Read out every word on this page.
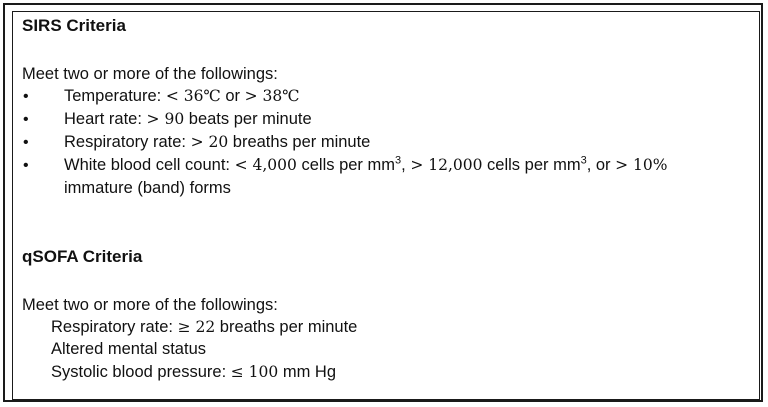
SIRS Criteria
Meet two or more of the followings:
• Temperature: < 36℃ or > 38℃
• Heart rate: > 90 beats per minute
• Respiratory rate: > 20 breaths per minute
• White blood cell count: < 4,000 cells per $mm^3$, > 12,000 cells per $mm^3$, or > 10%
immature (band) forms
qSOFA Criteria
Meet two or more of the followings:
Respiratory rate: ≥ 22 breaths per minute
Altered mental status
Systolic blood pressure: ≤ 100 mm Hg
